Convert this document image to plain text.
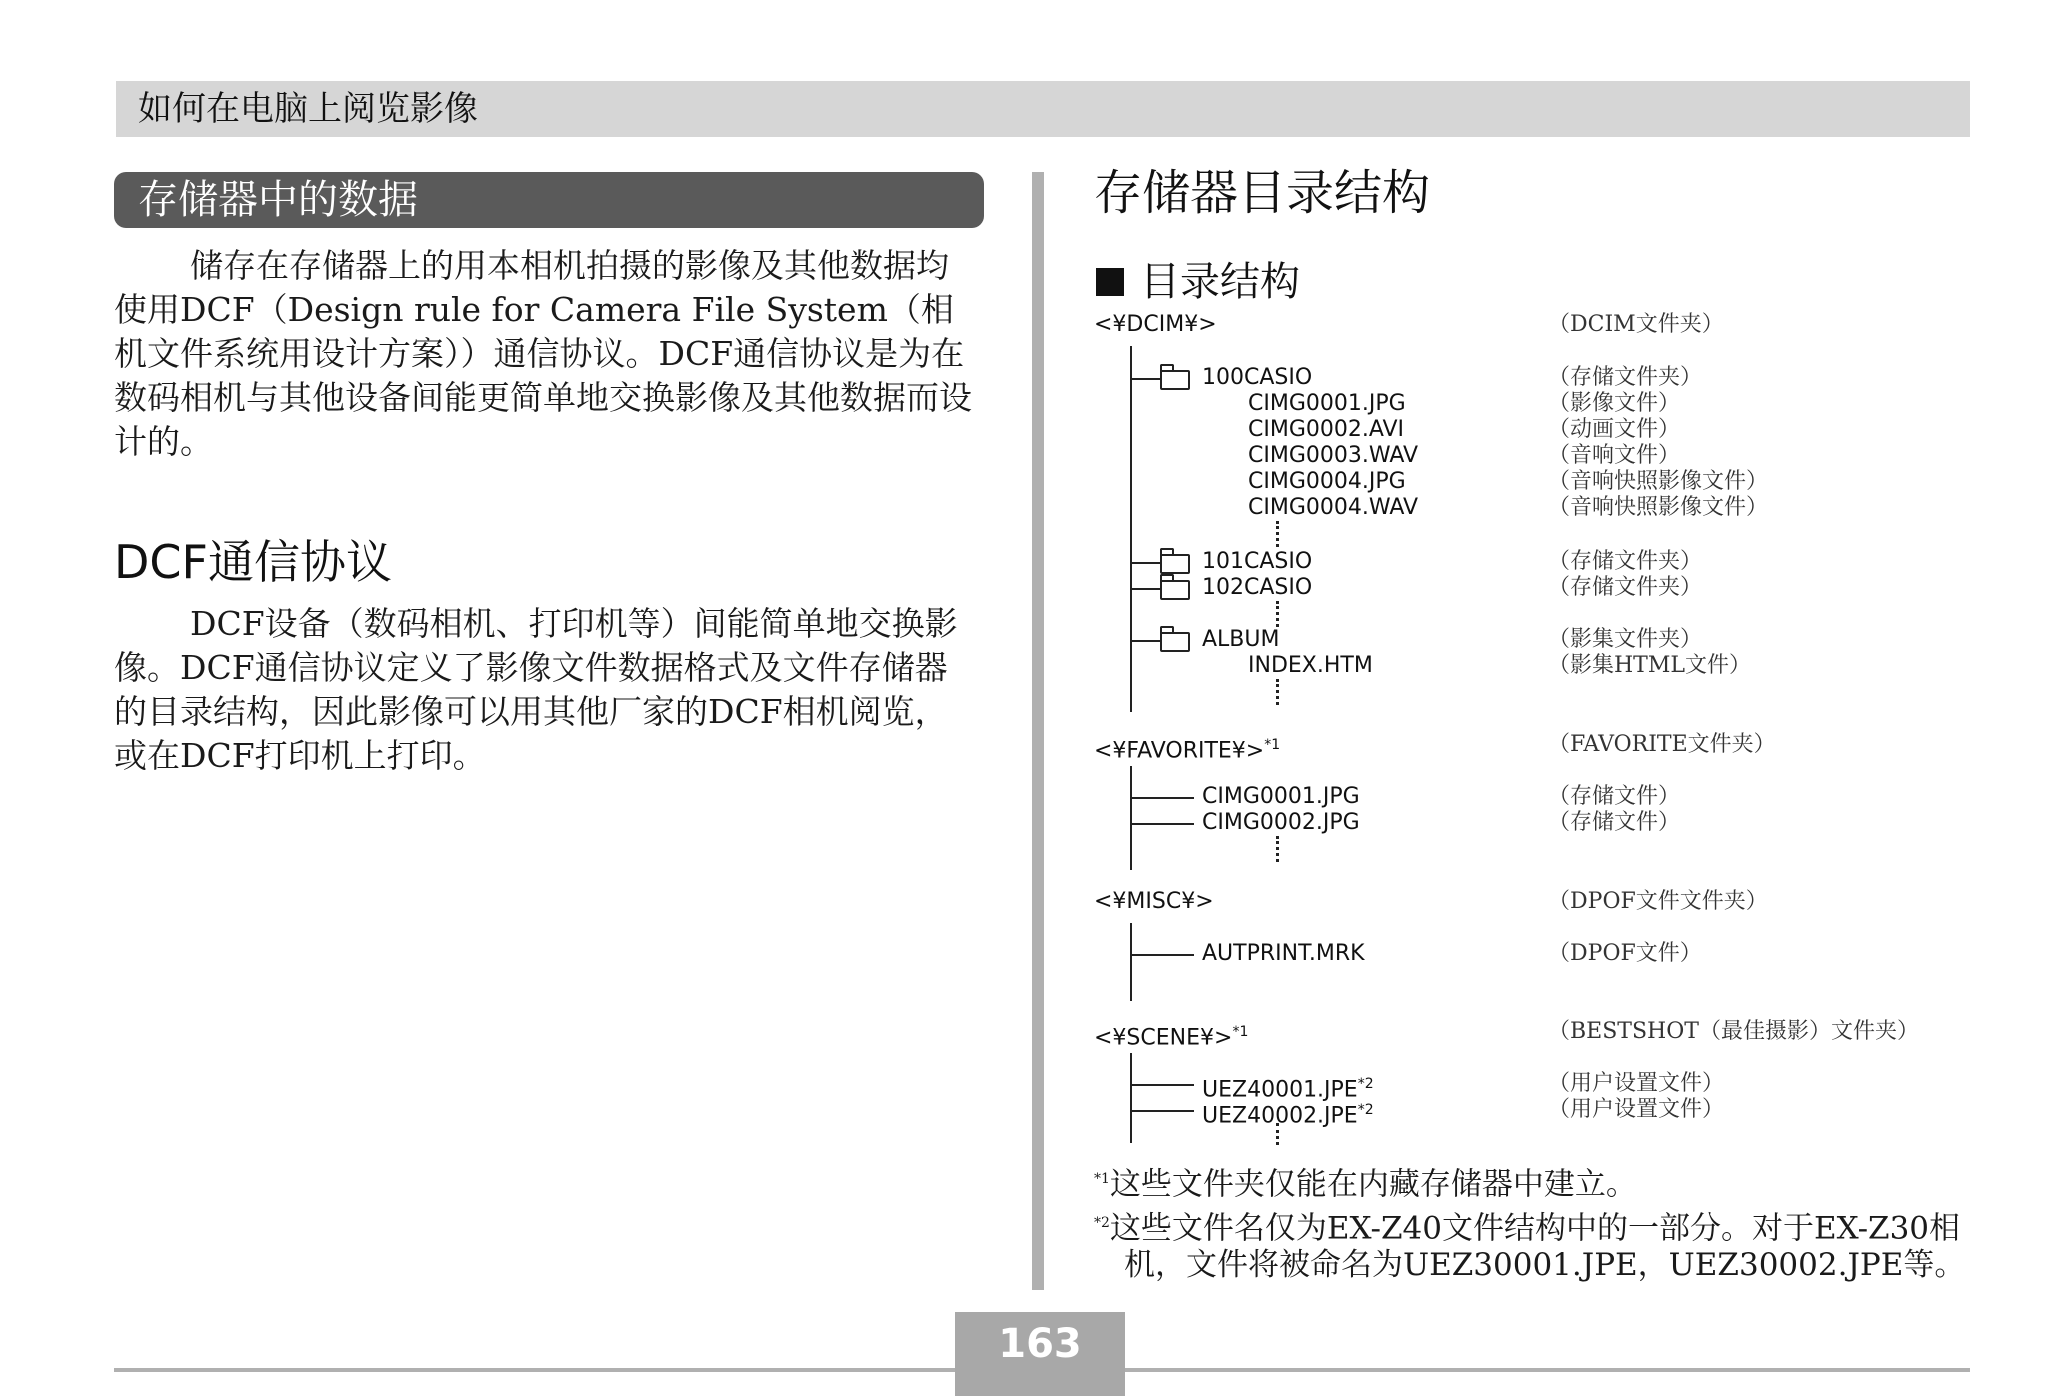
如何在电脑上阅览影像
存储器中的数据
储存在存储器上的用本相机拍摄的影像及其他数据均使用DCF（Design rule for Camera File System（相机文件系统用设计方案））通信协议。DCF通信协议是为在数码相机与其他设备间能更简单地交换影像及其他数据而设计的。
DCF通信协议
DCF设备（数码相机、打印机等）间能简单地交换影像。DCF通信协议定义了影像文件数据格式及文件存储器的目录结构，因此影像可以用其他厂家的DCF相机阅览，或在DCF打印机上打印。
存储器目录结构
目录结构
<¥DCIM¥>	（DCIM文件夹）
100CASIO	（存储文件夹）
CIMG0001.JPG	（影像文件）
CIMG0002.AVI	（动画文件）
CIMG0003.WAV	（音响文件）
CIMG0004.JPG	（音响快照影像文件）
CIMG0004.WAV	（音响快照影像文件）
101CASIO	（存储文件夹）
102CASIO	（存储文件夹）
ALBUM	（影集文件夹）
INDEX.HTM	（影集HTML文件）
<¥FAVORITE¥>$^{*1}$	（FAVORITE文件夹）
CIMG0001.JPG	（存储文件）
CIMG0002.JPG	（存储文件）
<¥MISC¥>	（DPOF文件文件夹）
AUTPRINT.MRK	（DPOF文件）
<¥SCENE¥>$^{*1}$	（BESTSHOT（最佳摄影）文件夹）
UEZ40001.JPE$^{*2}$	（用户设置文件）
UEZ40002.JPE$^{*2}$	（用户设置文件）
$^{*1}$这些文件夹仅能在内藏存储器中建立。
$^{*2}$这些文件名仅为EX-Z40文件结构中的一部分。对于EX-Z30相
机，文件将被命名为UEZ30001.JPE，UEZ30002.JPE等。
163
